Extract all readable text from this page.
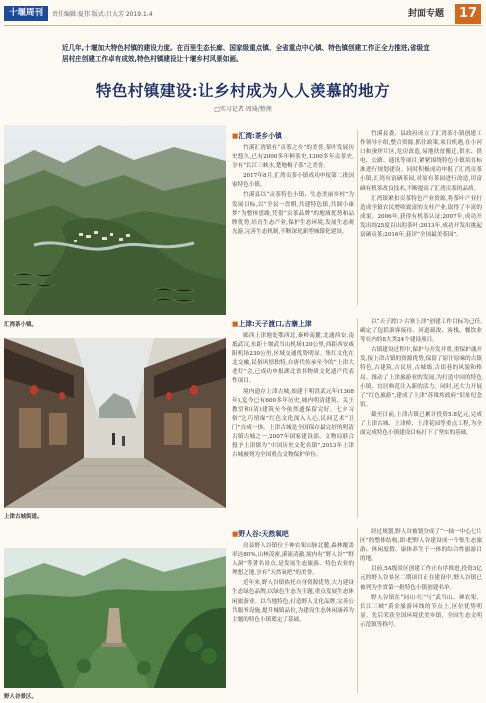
十堰周刊	责任编辑:夏伟 版式:吕大芳 2019.1.4	封面专题	17
近几年,十堰加大特色村镇的建设力度。在百里生态长廊、国家级重点镇、全省重点中心镇、特色镇创建工作正全力推进,省级宜居村庄创建工作卓有成效,特色村镇建设让十堰乡村风景如画。
特色村镇建设:让乡村成为人人羡慕的地方
□实习记者 周琦/整理
汇湾茶小镇。
■汇湾:茶乡小镇

竹溪汇湾镇有“贡茶之乡”的美誉,茶叶发展历史悠久,已有2000多年种茶史,1300多年贡茶史,享有“长江三峡水,楚地梅子茶”之美誉。

2017年8月,汇湾贡茶小镇成功申报第二批国家特色小镇。

竹溪县以“贡茶特色小镇、生态美丽乡村”为发展目标,以“全县一盘棋,共建特色镇,共圆小康梦”为整体思路,凭借“贡茶品牌”的地域优势和品牌优势,培育生态产业,保护生态环境,发展生态观光游,完善生态机制,不断深化新型城镇化建设。

竹溪县委、县政府成立了汇湾茶小镇创建工作领导小组,整合资源,抓住政策,项目机遇,在小河口和蚕坪片区,危房改造,易地扶贫搬迁,供水、供电、公路、通讯等项目,紧紧围绕特色小镇培育标准进行规划建设。同时积极成功申报了汇湾贡茶小镇,汇湾有富硒茶园,对原有茶园进行改造,用富硒有机茶改良技术,不断提高了汇湾贡茶的品质。

汇湾镇紧扣贡茶特色产业资源,将茶叶产业打造成全镇农民增收致富的支柱产业,取得了丰富的成果。2006年,获得有机茶认证;2007年,成功开发出纯25度以出的茶叶;2013年,成功开发出挑起富硒贡茶;2016年,获评“全国最美茶园”。

上津古城街道。
■上津:天子渡口,古寨上津

郧西上津地处鄂西北,秦岭南麓,北通西安,南抵武汉,东距十堰武当山机场120公里,西距西安咸阳机场230公里,区域交通优势明显。集红文化在北交融,民俗风情独特,自唐代传承至今的“上津大老灯”会,已成功申报湖北省非物质文化遗产代表性项目。

境内遗存上津古城,始建于明洪武元年(1368年),迄今已有600多年历史,城内明清建筑、关王教堂和(清)建筑至今依然遗保留完好。七夕习俗“乞巧情缘”红色文化深入人心,民间艺术“卫门”自成一体。上津古城是全国保存最完好的明清古镇古城之一,2007年国家建设部、文物局联合授予上津镇为“中国历史文化名镇”,2013年上津古城被列为全国重点文物保护单位。

以“天子渡口·古寨上津”创建工作目标为己任,确定了包括游客接待、河道疏浚、客栈、餐饮业等在内的8大类24个建设项目。

古镇建设过程中,保护与开发并重,重保护魂开发,接上津古镇的资源优势,保留了原汁原味的古镇特色,古建筑,古民居,古城墙,古街巷的风貌和格局。推动了上津旅游业的发展,为打造中国的特色小镇、宜居典范注入新的活力。同时,还大力开展了“红色旅游”,建成了上津“苏维埃政府”旧址纪念馆。

截至目前,上津古镇已累计投资5.8亿元,完成了上津古城、上津桥、上津花园等重点工程,为全面完成特色小镇建设目标打下了坚实的基础。

野人谷景区。
■野人谷:天然氧吧

房县野人谷镇位于神农架山脉北麓,森林覆盖率达80%,山林茂密,溪流清澈,境内有“野人谷”“野人洞”等著名景点,是发展生态旅游、特色农业的理想之地,享有“天然氧吧”的美誉。

近年来,野人谷镇依托自身资源优势,大力建设生态绿色品牌,以绿色生态为主题,重点发展生态休闲旅游业。以当地特色,打造野人文化品牌,完善公共服务设施,提升城镇品位,为建设生态休闲康养为主题的特色小镇奠定了基础。

经过规划,野人谷被划分成了“一轴一中心七片区”的整体结构,即:把野人谷建设成一个集生态旅游、休闲度假、康体养生于一体的综合性旅游目的地。

目前,5A级景区创建工作正有序推进,投资3亿元的野人谷景区二期项目正在建设中,野人谷镇已被列为全省第一批特色小镇创建名单。

野人谷镇在“同山·红”与“武当山、神农架、长江三峡”黄金旅游环线的节点上,区位优势明显。先后荣获全国环境优美乡镇、全国生态文明示范镇等称号。
